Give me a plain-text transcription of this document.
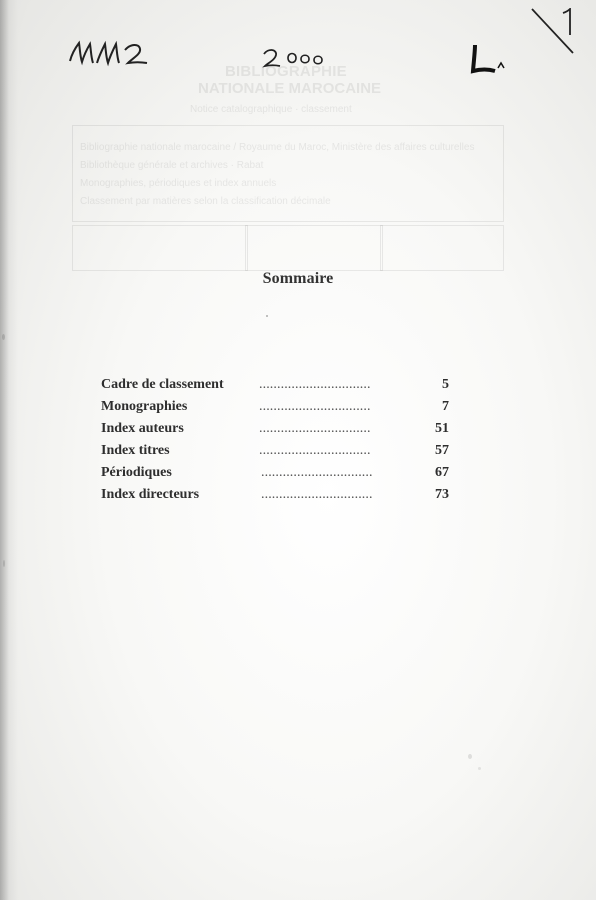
BIBLIOGRAPHIE
NATIONALE MAROCAINE
Notice catalographique · classement
Bibliographie nationale marocaine / Royaume du Maroc, Ministère des affaires culturelles
Bibliothèque générale et archives · Rabat
Monographies, périodiques et index annuels
Classement par matières selon la classification décimale
Sommaire
Cadre de classement	...............................	5
Monographies	...............................	7
Index auteurs	...............................	51
Index titres	...............................	57
Périodiques	...............................	67
Index directeurs	...............................	73
